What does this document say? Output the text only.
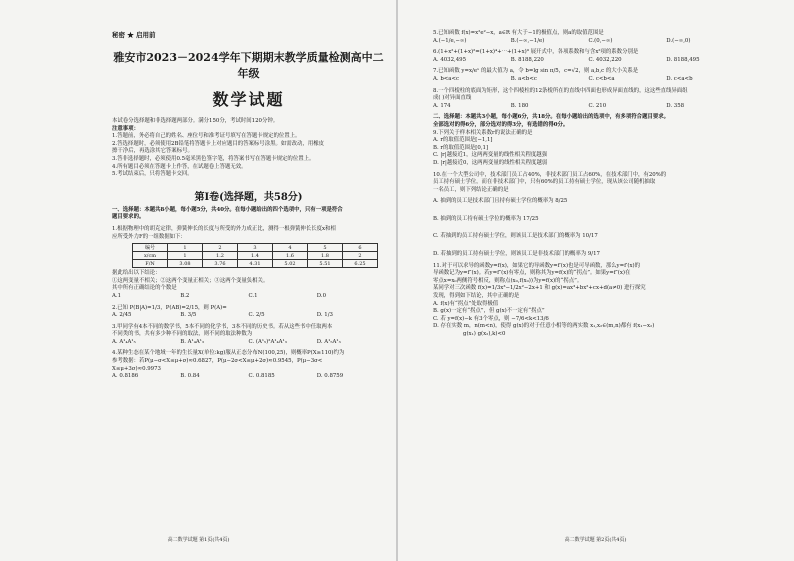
秘密 ★ 启用前
雅安市2023－2024学年下期期末教学质量检测高中二年级
数学试题

本试卷分选择题和非选择题两部分。满分150分，考试时间120分钟。

注意事项：

1.答题前，务必将自己的姓名、座位号和准考证号填写在答题卡规定的位置上。

2.答选择题时，必须使用2B铅笔将答题卡上对应题目的答案标号涂黑。如需改动，用橡皮

擦干净后，再选涂其它答案标号。

3.答非选择题时，必须使用0.5毫米黑色签字笔，将答案书写在答题卡规定的位置上。

4.所有题目必须在答题卡上作答，在试题卷上答题无效。

5.考试结束后，只将答题卡交回。

第Ⅰ卷(选择题，共58分)

一、选择题：本题共8小题，每小题5分，共40分。在每小题给出的四个选项中，只有一项是符合

题目要求的。

1.根据物理中的胡克定律，弹簧伸长的长度与所受的外力成正比，测得一根弹簧伸长长度x和相

应所受外力F的一组数据如下：

编号	1	2	3	4	5	6
x/cm	1	1.2	1.4	1.6	1.8	2
F/N	3.08	3.76	4.31	5.02	5.51	6.25

据此给出以下结论：

①这两变量不相关；②这两个变量正相关；③这两个变量负相关。

其中所有正确结论的个数是

A.1	B.2	C.1	D.0

2.已知 P(B|A)=1/3，P(AB)=2/15，则 P(A)=

A. 2/45	B. 3/5	C. 2/5	D. 1/3

3.甲同学有4本不同的数学书，5本不同的化学书，3本不同的历史书。若从这些书中任取两本

不同类的书，共有多少种不同的取法，则不同的取法种数为

A. A¹₄A¹₅	B. A¹₄A¹₃	C. (A¹₅)²A¹₄A¹₃	D. A¹₅A¹₃

4.某种生态在某个地域一年的生长量X(单位:kg)服从正态分布N(100,25)，则概率P(X≥110)约为

参考数据：若P(μ−σ<X≤μ+σ)≈0.6827，P(μ−2σ<X≤μ+2σ)≈0.9545，P(μ−3σ<

X≤μ+3σ)≈0.9973

A. 0.8186	B. 0.84	C. 0.8185	D. 0.8759
高二数学试题 第1页(共4页)

5.已知函数 f(x)=x²e²−x，a∈R 有大于−1的极值点，则a的取值范围是

A.(−1/e,−∞)	B.(−∞,−1/e)	C.(0,−∞)	D.(−∞,0)

6.(1+x²+(1+x)²=(1+x)⁴+⋯+(1+x)⁹ 展开式中，各项系数和与含x²项的系数分别是

A. 4032,495	B. 8188,220	C. 4032,220	D. 8188,495

7.已知函数 y=x/eˣ 的最大值为 a，令 b=lg sin π/5，c=√2，则 a,b,c 的大小关系是

A. b<a<c	B. a<b<c	C. c<b<a	D. c<a<b

8.一个四棱柱的底面为矩形，这个四棱柱的12条棱所在的直线中四面也形成异面直线的，这这些直线异面组

成( )对异面直线

A. 174	B. 180	C. 210	D. 358

二、选择题：本题共3小题，每小题6分，共18分。在每小题给出的选项中，有多项符合题目要求。

全部选对的得6分，部分选对的得3分，有选错的得0分。

9.下列关于样本相关系数r的说法正确的是

A. r的取值范围是[−1,1]

B. r的取值范围是[0,1]

C. |r|越接近1，这两两变量的线性相关程度越强

D. |r|越接近0，这两两变量的线性相关程度越弱

10.在一个大型公司中，技术部门员工占40%，非技术部门员工占60%，在技术部门中，有20%的

员工持有硕士学位，而在非技术部门中，只有60%的员工持有硕士学位，现从该公司随机抽取

一名员工，则下列结论正确的是

A. 抽到的员工是技术部门且持有硕士学位的概率为 8/25

B. 抽到的员工持有硕士学位的概率为 17/25

C. 若抽到的员工持有硕士学位，则该员工是技术部门的概率为 10/17

D. 若抽到的员工持有硕士学位，则该员工是非技术部门的概率为 9/17

11.对于可以求导的函数y=f(x)，如果它的导函数y=f′(x)也是可导函数，那么y=f′(x)的

导函数记为y=f″(x)。若y=f″(x)有零点，则称其为y=f(x)的“拐点”。如果y=f″(x)在

零点x=x₀两侧符号相反，则称点(x₀,f(x₀))为y=f(x)的“拐点”。

某同学对三次函数 f(x)=1/3x³−1/2x²−2x+1 和 g(x)=ax³+bx²+cx+d(a≠0) 进行探究

发现，得到如下结论，其中正确的是

A. f(x)有“拐点”处取得极值

B. g(x)一定有“拐点”，但 g(x)不一定有“拐点”

C. 若 y=f(x)−k 有3个零点，则 −7/6<k<13/6

D. 存在实数 m，n(m<n)，使得 g(x)的对于任意小相等的两实数 x₁,x₂∈(m,n)都有 f(x₁−x₂)

g(x₁) g(x₂),k)<0

高二数学试题 第2页(共4页)
